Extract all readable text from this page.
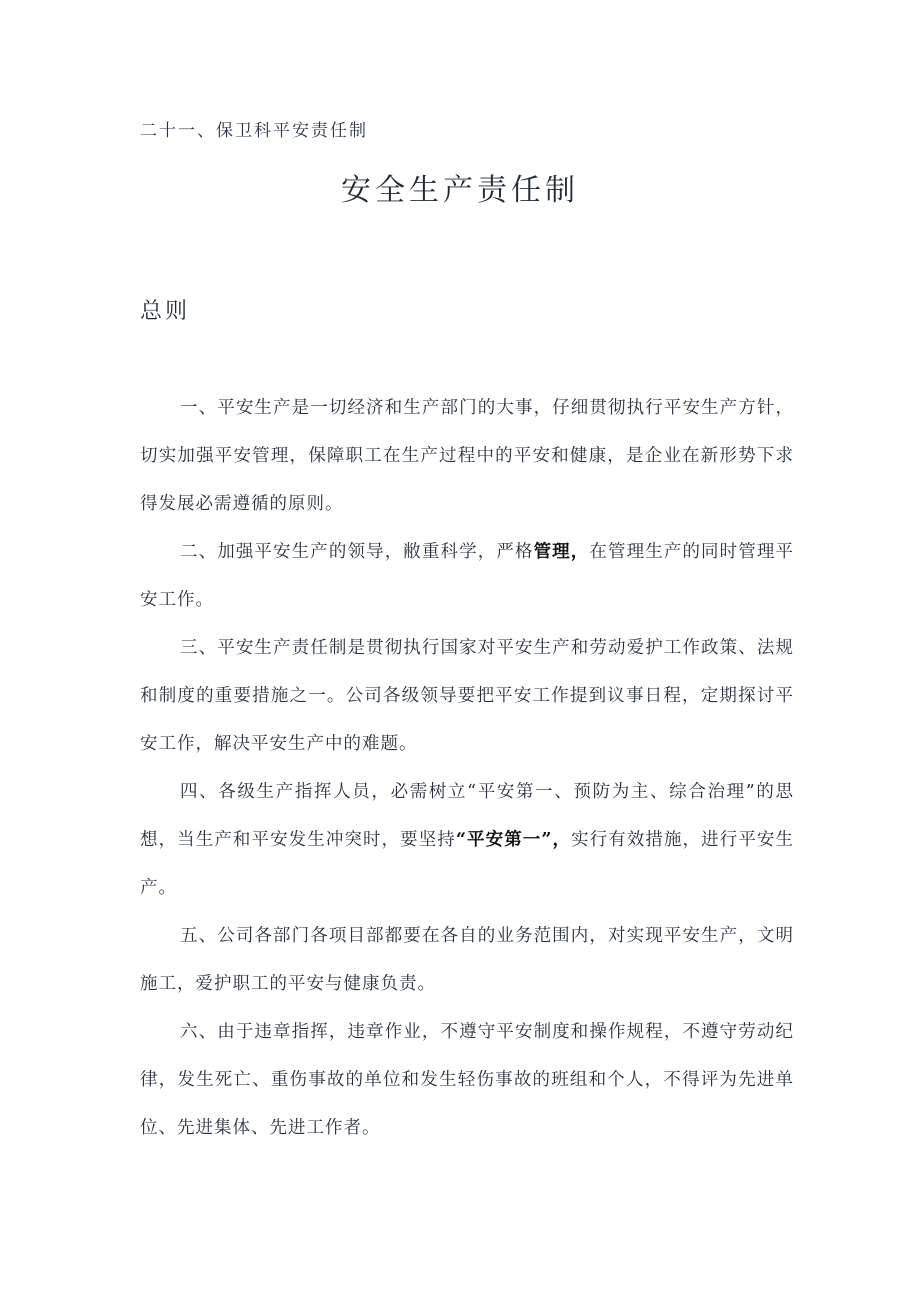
二十一、保卫科平安责任制
安全生产责任制
总则

一、平安生产是一切经济和生产部门的大事，仔细贯彻执行平安生产方针，切实加强平安管理，保障职工在生产过程中的平安和健康，是企业在新形势下求得发展必需遵循的原则。

二、加强平安生产的领导，敝重科学，严格管理，在管理生产的同时管理平安工作。

三、平安生产责任制是贯彻执行国家对平安生产和劳动爱护工作政策、法规和制度的重要措施之一。公司各级领导要把平安工作提到议事日程，定期探讨平安工作，解决平安生产中的难题。

四、各级生产指挥人员，必需树立“平安第一、预防为主、综合治理”的思想，当生产和平安发生冲突时，要坚持“平安第一”，实行有效措施，进行平安生产。

五、公司各部门各项目部都要在各自的业务范围内，对实现平安生产，文明施工，爱护职工的平安与健康负责。

六、由于违章指挥，违章作业，不遵守平安制度和操作规程，不遵守劳动纪律，发生死亡、重伤事故的单位和发生轻伤事故的班组和个人，不得评为先进单位、先进集体、先进工作者。
